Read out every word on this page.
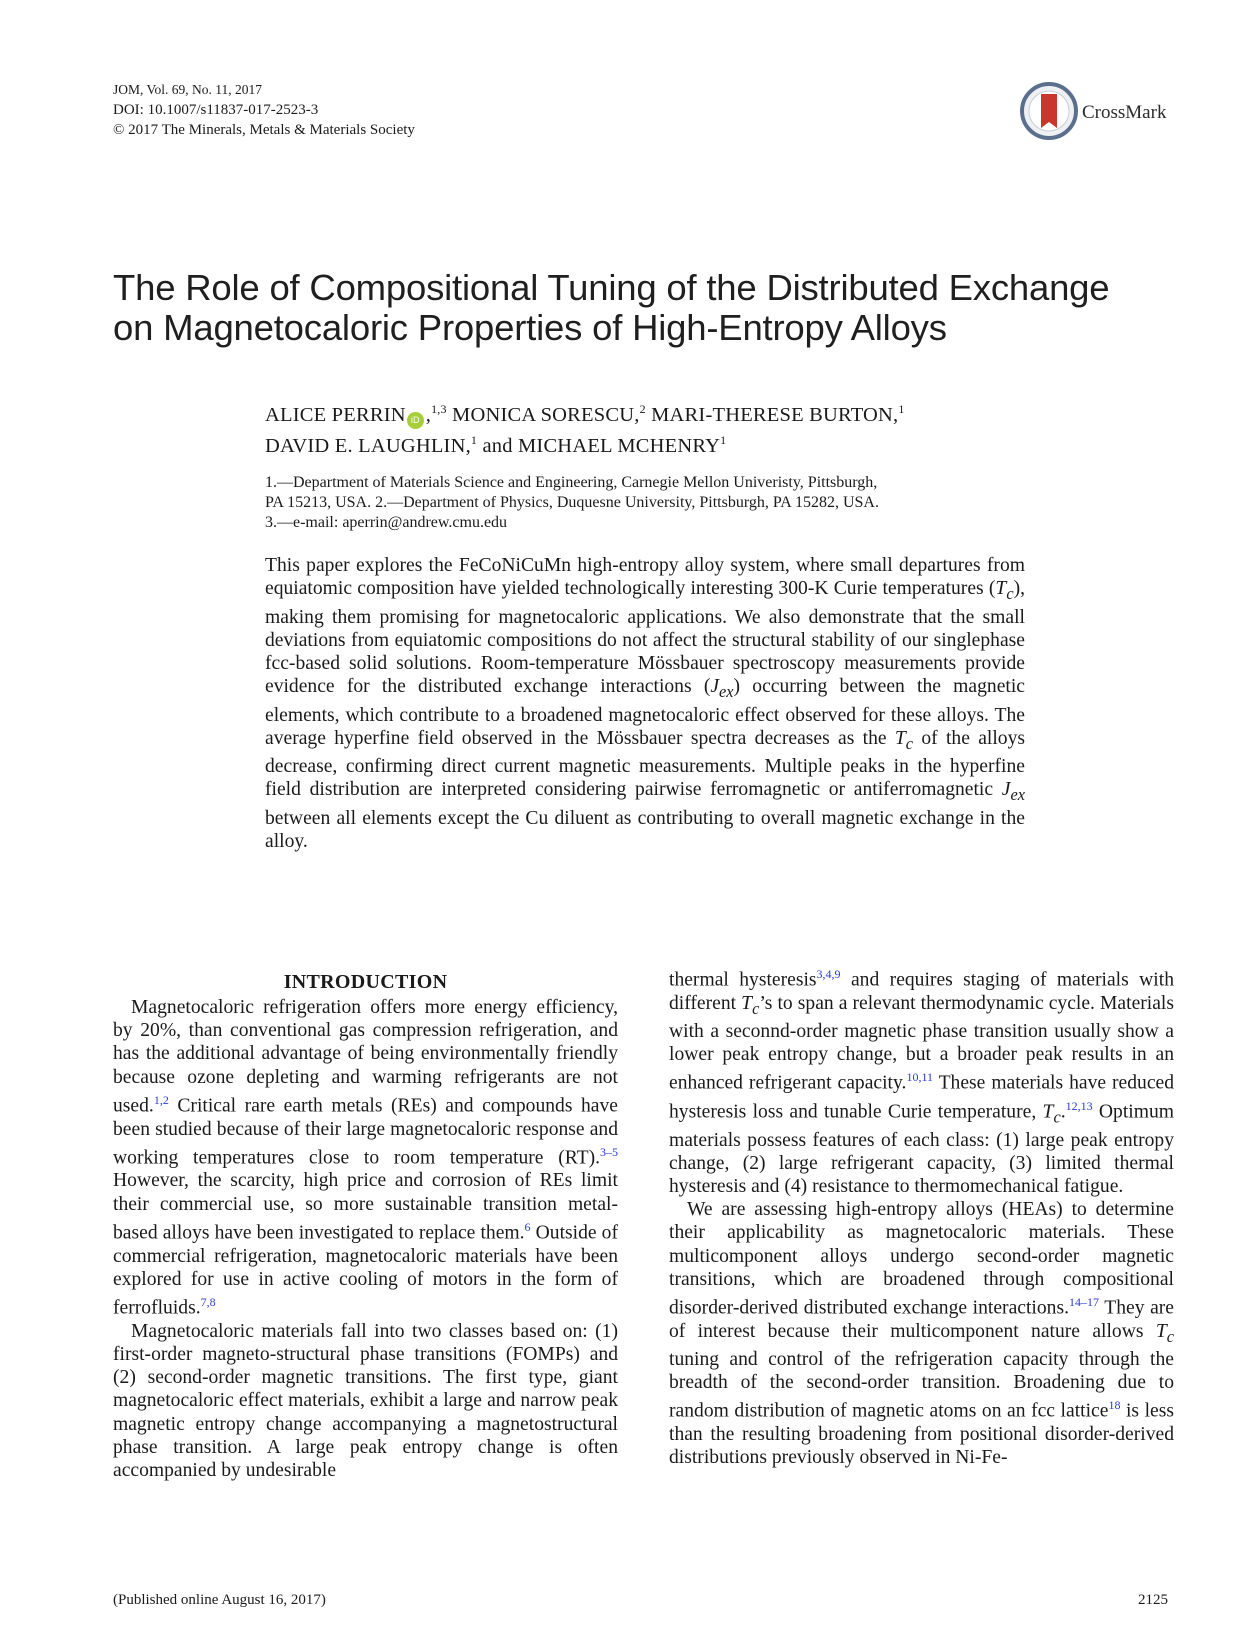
JOM, Vol. 69, No. 11, 2017
DOI: 10.1007/s11837-017-2523-3
© 2017 The Minerals, Metals & Materials Society
CrossMark
The Role of Compositional Tuning of the Distributed Exchange
on Magnetocaloric Properties of High-Entropy Alloys
ALICE PERRIN iD ,$^{1,3}$ MONICA SORESCU,$^2$ MARI-THERESE BURTON,$^1$
DAVID E. LAUGHLIN,$^1$ and MICHAEL MCHENRY$^1$
1.—Department of Materials Science and Engineering, Carnegie Mellon Univeristy, Pittsburgh,
PA 15213, USA. 2.—Department of Physics, Duquesne University, Pittsburgh, PA 15282, USA.
3.—e-mail: aperrin@andrew.cmu.edu
This paper explores the FeCoNiCuMn high-entropy alloy system, where small departures from equiatomic composition have yielded technologically interesting 300-K Curie temperatures $(T_c)$, making them promising for magnetocaloric applications. We also demonstrate that the small deviations from equiatomic compositions do not affect the structural stability of our singlephase fcc-based solid solutions. Room-temperature Mössbauer spectroscopy measurements provide evidence for the distributed exchange interactions $(J_{ex})$ occurring between the magnetic elements, which contribute to a broadened magnetocaloric effect observed for these alloys. The average hyperfine field observed in the Mössbauer spectra decreases as the $T_c$ of the alloys decrease, confirming direct current magnetic measurements. Multiple peaks in the hyperfine field distribution are interpreted considering pairwise ferromagnetic or antiferromagnetic $J_{ex}$ between all elements except the Cu diluent as contributing to overall magnetic exchange in the alloy.
INTRODUCTION

Magnetocaloric refrigeration offers more energy efficiency, by 20%, than conventional gas compression refrigeration, and has the additional advantage of being environmentally friendly because ozone depleting and warming refrigerants are not used.$^{1,2}$ Critical rare earth metals (REs) and compounds have been studied because of their large magnetocaloric response and working temperatures close to room temperature (RT).$^{3-5}$ However, the scarcity, high price and corrosion of REs limit their commercial use, so more sustainable transition metal-based alloys have been investigated to replace them.$^6$ Outside of commercial refrigeration, magnetocaloric materials have been explored for use in active cooling of motors in the form of ferrofluids.$^{7,8}$

Magnetocaloric materials fall into two classes based on: (1) first-order magneto-structural phase transitions (FOMPs) and (2) second-order magnetic transitions. The first type, giant magnetocaloric effect materials, exhibit a large and narrow peak magnetic entropy change accompanying a magnetostructural phase transition. A large peak entropy change is often accompanied by undesirable

thermal hysteresis$^{3,4,9}$ and requires staging of materials with different $T_c’s$ to span a relevant thermodynamic cycle. Materials with a seconnd-order magnetic phase transition usually show a lower peak entropy change, but a broader peak results in an enhanced refrigerant capacity.$^{10,11}$ These materials have reduced hysteresis loss and tunable Curie temperature, $T_c.^{12,13}$ Optimum materials possess features of each class: (1) large peak entropy change, (2) large refrigerant capacity, (3) limited thermal hysteresis and (4) resistance to thermomechanical fatigue.

We are assessing high-entropy alloys (HEAs) to determine their applicability as magnetocaloric materials. These multicomponent alloys undergo second-order magnetic transitions, which are broadened through compositional disorder-derived distributed exchange interactions.$^{14-17}$ They are of interest because their multicomponent nature allows $T_c$ tuning and control of the refrigeration capacity through the breadth of the second-order transition. Broadening due to random distribution of magnetic atoms on an fcc lattice$^{18}$ is less than the resulting broadening from positional disorder-derived distributions previously observed in Ni-Fe-

(Published online August 16, 2017)	2125
